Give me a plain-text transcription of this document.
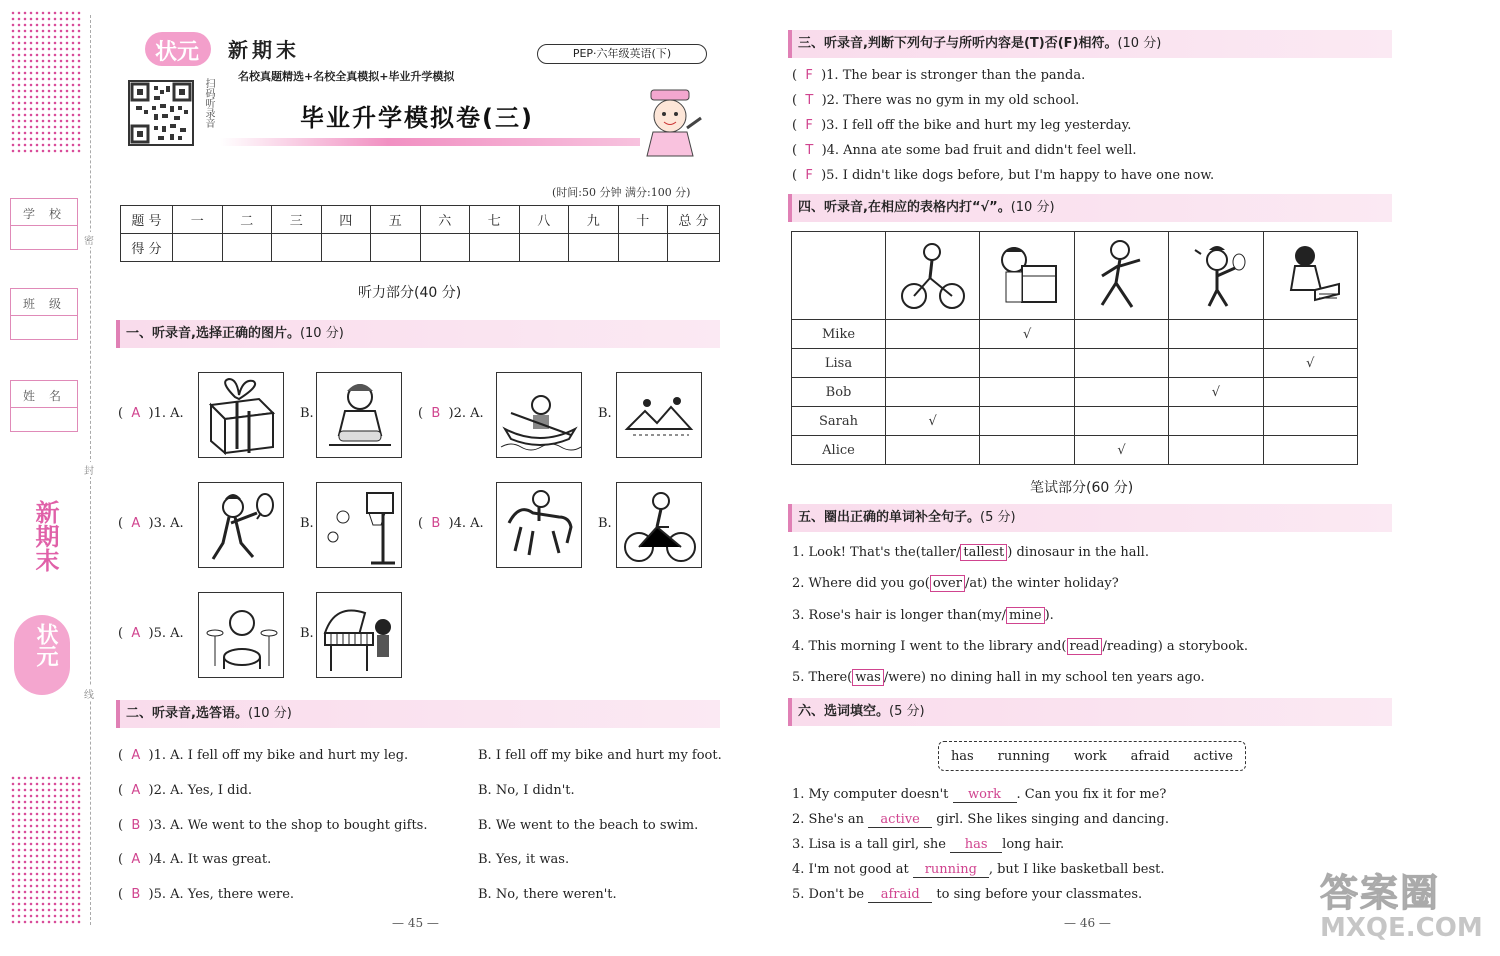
密
封
线
学校
班级
姓名
新期末
状元
状元 新期末	PEP·六年级英语(下)
名校真题精选+名校全真模拟+毕业升学模拟
扫码听录音	毕业升学模拟卷(三)
(时间:50 分钟 满分:100 分)
题 号	一	二	三	四	五	六	七	八	九	十	总 分
得 分											
听力部分(40 分)
一、听录音,选择正确的图片。(10 分)
(  A )1. A.	B.	(  B )2. A.	B.
(  A )3. A.	B.	(  B )4. A.	B.
(  A )5. A.	B.
二、听录音,选答语。(10 分)
(  A )1. A. I fell off my bike and hurt my leg.	B. I fell off my bike and hurt my foot.
(  A )2. A. Yes, I did.	B. No, I didn't.
(  B )3. A. We went to the shop to bought gifts.	B. We went to the beach to swim.
(  A )4. A. It was great.	B. Yes, it was.
(  B )5. A. Yes, there were.	B. No, there weren't.
— 45 —
三、听录音,判断下列句子与所听内容是(T)否(F)相符。(10 分)
(  F )1. The bear is stronger than the panda.
(  T )2. There was no gym in my old school.
(  F )3. I fell off the bike and hurt my leg yesterday.
(  T )4. Anna ate some bad fruit and didn't feel well.
(  F )5. I didn't like dogs before, but I'm happy to have one now.
四、听录音,在相应的表格内打“√”。(10 分)

Mike		√			
Lisa					√
Bob				√	
Sarah	√				
Alice			√		
笔试部分(60 分)
五、圈出正确的单词补全句子。(5 分)
1. Look! That's the(taller/ tallest ) dinosaur in the hall.
2. Where did you go( over /at) the winter holiday?
3. Rose's hair is longer than(my/ mine ).
4. This morning I went to the library and( read /reading) a storybook.
5. There( was /were) no dining hall in my school ten years ago.
六、选词填空。(5 分)
has running work afraid active
1. My computer doesn't work . Can you fix it for me?
2. She's an active girl. She likes singing and dancing.
3. Lisa is a tall girl, she has long hair.
4. I'm not good at running , but I like basketball best.
5. Don't be afraid to sing before your classmates.
— 46 —
答案圈
MXQE.COM
